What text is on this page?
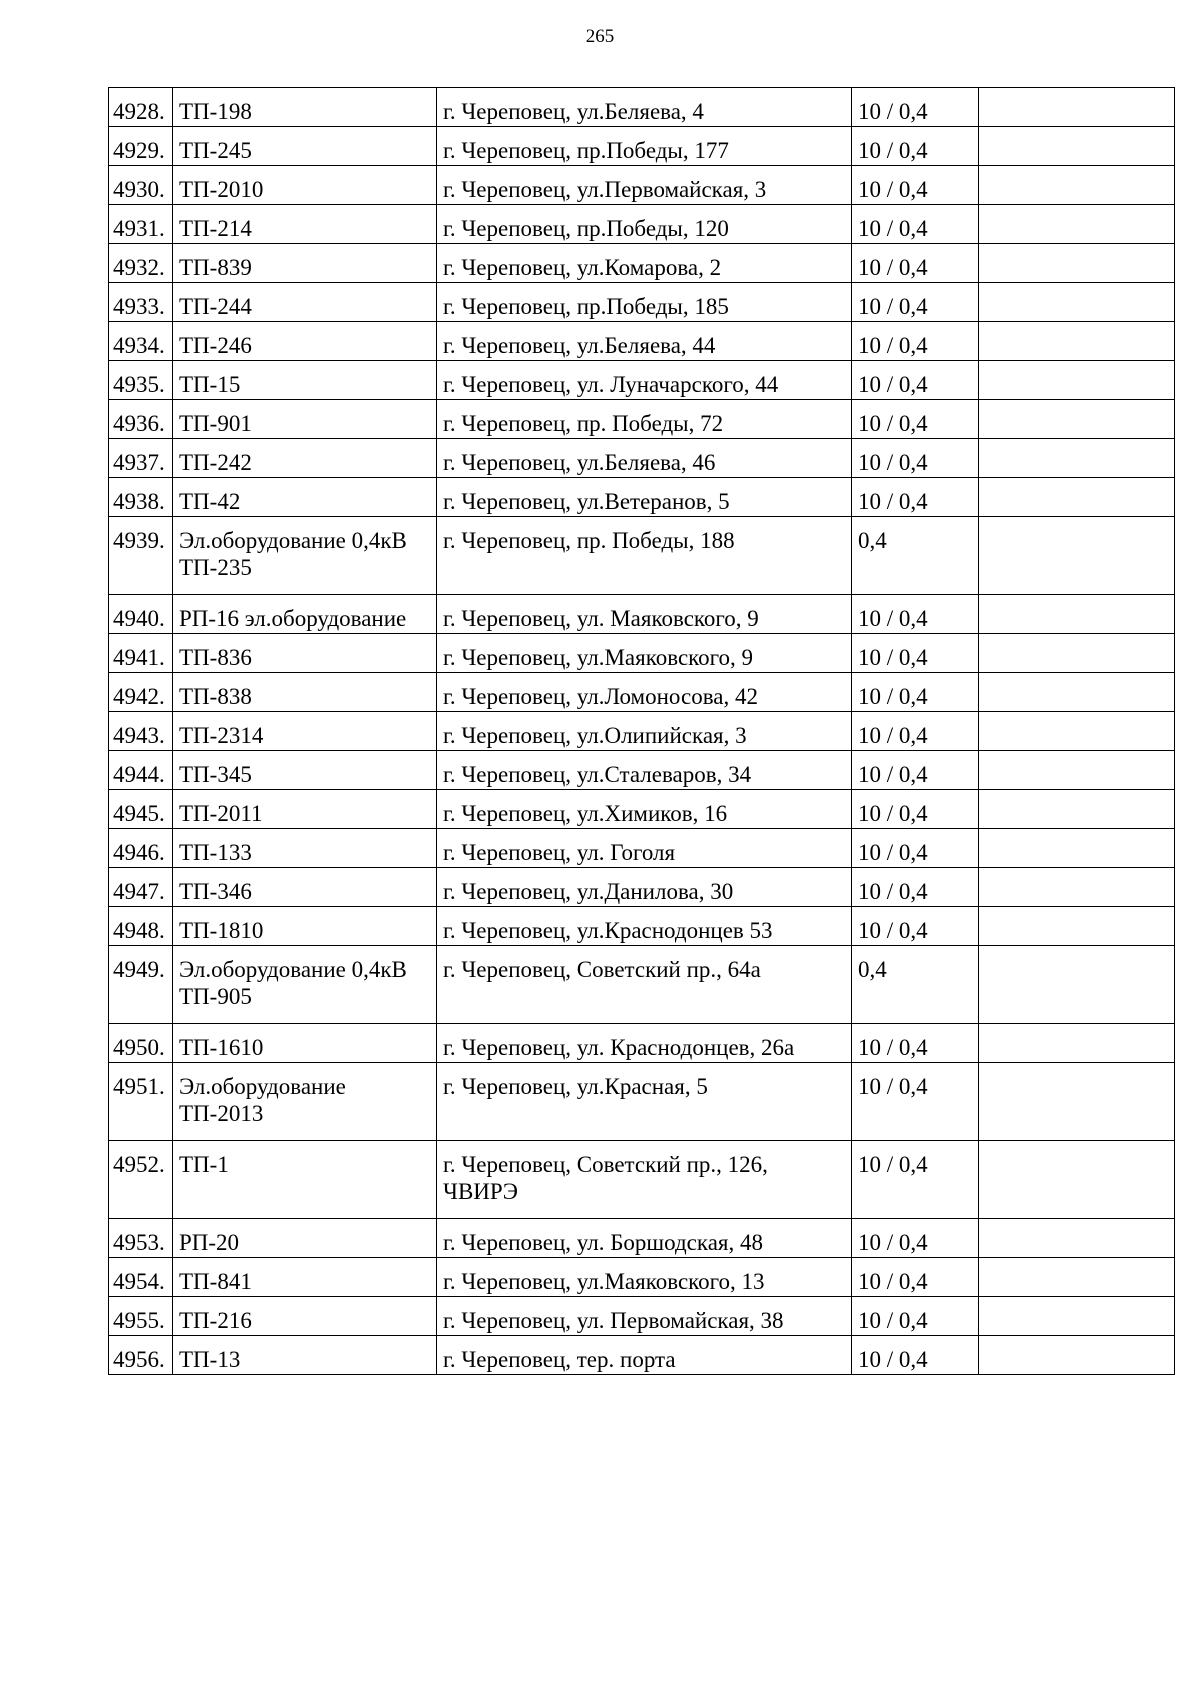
265
4928.	ТП-198	г. Череповец, ул.Беляева, 4	10 / 0,4	
4929.	ТП-245	г. Череповец, пр.Победы, 177	10 / 0,4	
4930.	ТП-2010	г. Череповец, ул.Первомайская, 3	10 / 0,4	
4931.	ТП-214	г. Череповец, пр.Победы, 120	10 / 0,4	
4932.	ТП-839	г. Череповец, ул.Комарова, 2	10 / 0,4	
4933.	ТП-244	г. Череповец, пр.Победы, 185	10 / 0,4	
4934.	ТП-246	г. Череповец, ул.Беляева, 44	10 / 0,4	
4935.	ТП-15	г. Череповец, ул. Луначарского, 44	10 / 0,4	
4936.	ТП-901	г. Череповец, пр. Победы, 72	10 / 0,4	
4937.	ТП-242	г. Череповец, ул.Беляева, 46	10 / 0,4	
4938.	ТП-42	г. Череповец, ул.Ветеранов, 5	10 / 0,4	
4939.	Эл.оборудование 0,4кВ ТП-235	г. Череповец, пр. Победы, 188	0,4	
4940.	РП-16 эл.оборудование	г. Череповец, ул. Маяковского, 9	10 / 0,4	
4941.	ТП-836	г. Череповец, ул.Маяковского, 9	10 / 0,4	
4942.	ТП-838	г. Череповец, ул.Ломоносова, 42	10 / 0,4	
4943.	ТП-2314	г. Череповец, ул.Олипийская, 3	10 / 0,4	
4944.	ТП-345	г. Череповец, ул.Сталеваров, 34	10 / 0,4	
4945.	ТП-2011	г. Череповец, ул.Химиков, 16	10 / 0,4	
4946.	ТП-133	г. Череповец, ул. Гоголя	10 / 0,4	
4947.	ТП-346	г. Череповец, ул.Данилова, 30	10 / 0,4	
4948.	ТП-1810	г. Череповец, ул.Краснодонцев 53	10 / 0,4	
4949.	Эл.оборудование 0,4кВ ТП-905	г. Череповец, Советский пр., 64а	0,4	
4950.	ТП-1610	г. Череповец, ул. Краснодонцев, 26а	10 / 0,4	
4951.	Эл.оборудование ТП-2013	г. Череповец, ул.Красная, 5	10 / 0,4	
4952.	ТП-1	г. Череповец, Советский пр., 126, ЧВИРЭ	10 / 0,4	
4953.	РП-20	г. Череповец, ул. Боршодская, 48	10 / 0,4	
4954.	ТП-841	г. Череповец, ул.Маяковского, 13	10 / 0,4	
4955.	ТП-216	г. Череповец, ул. Первомайская, 38	10 / 0,4	
4956.	ТП-13	г. Череповец, тер. порта	10 / 0,4	
